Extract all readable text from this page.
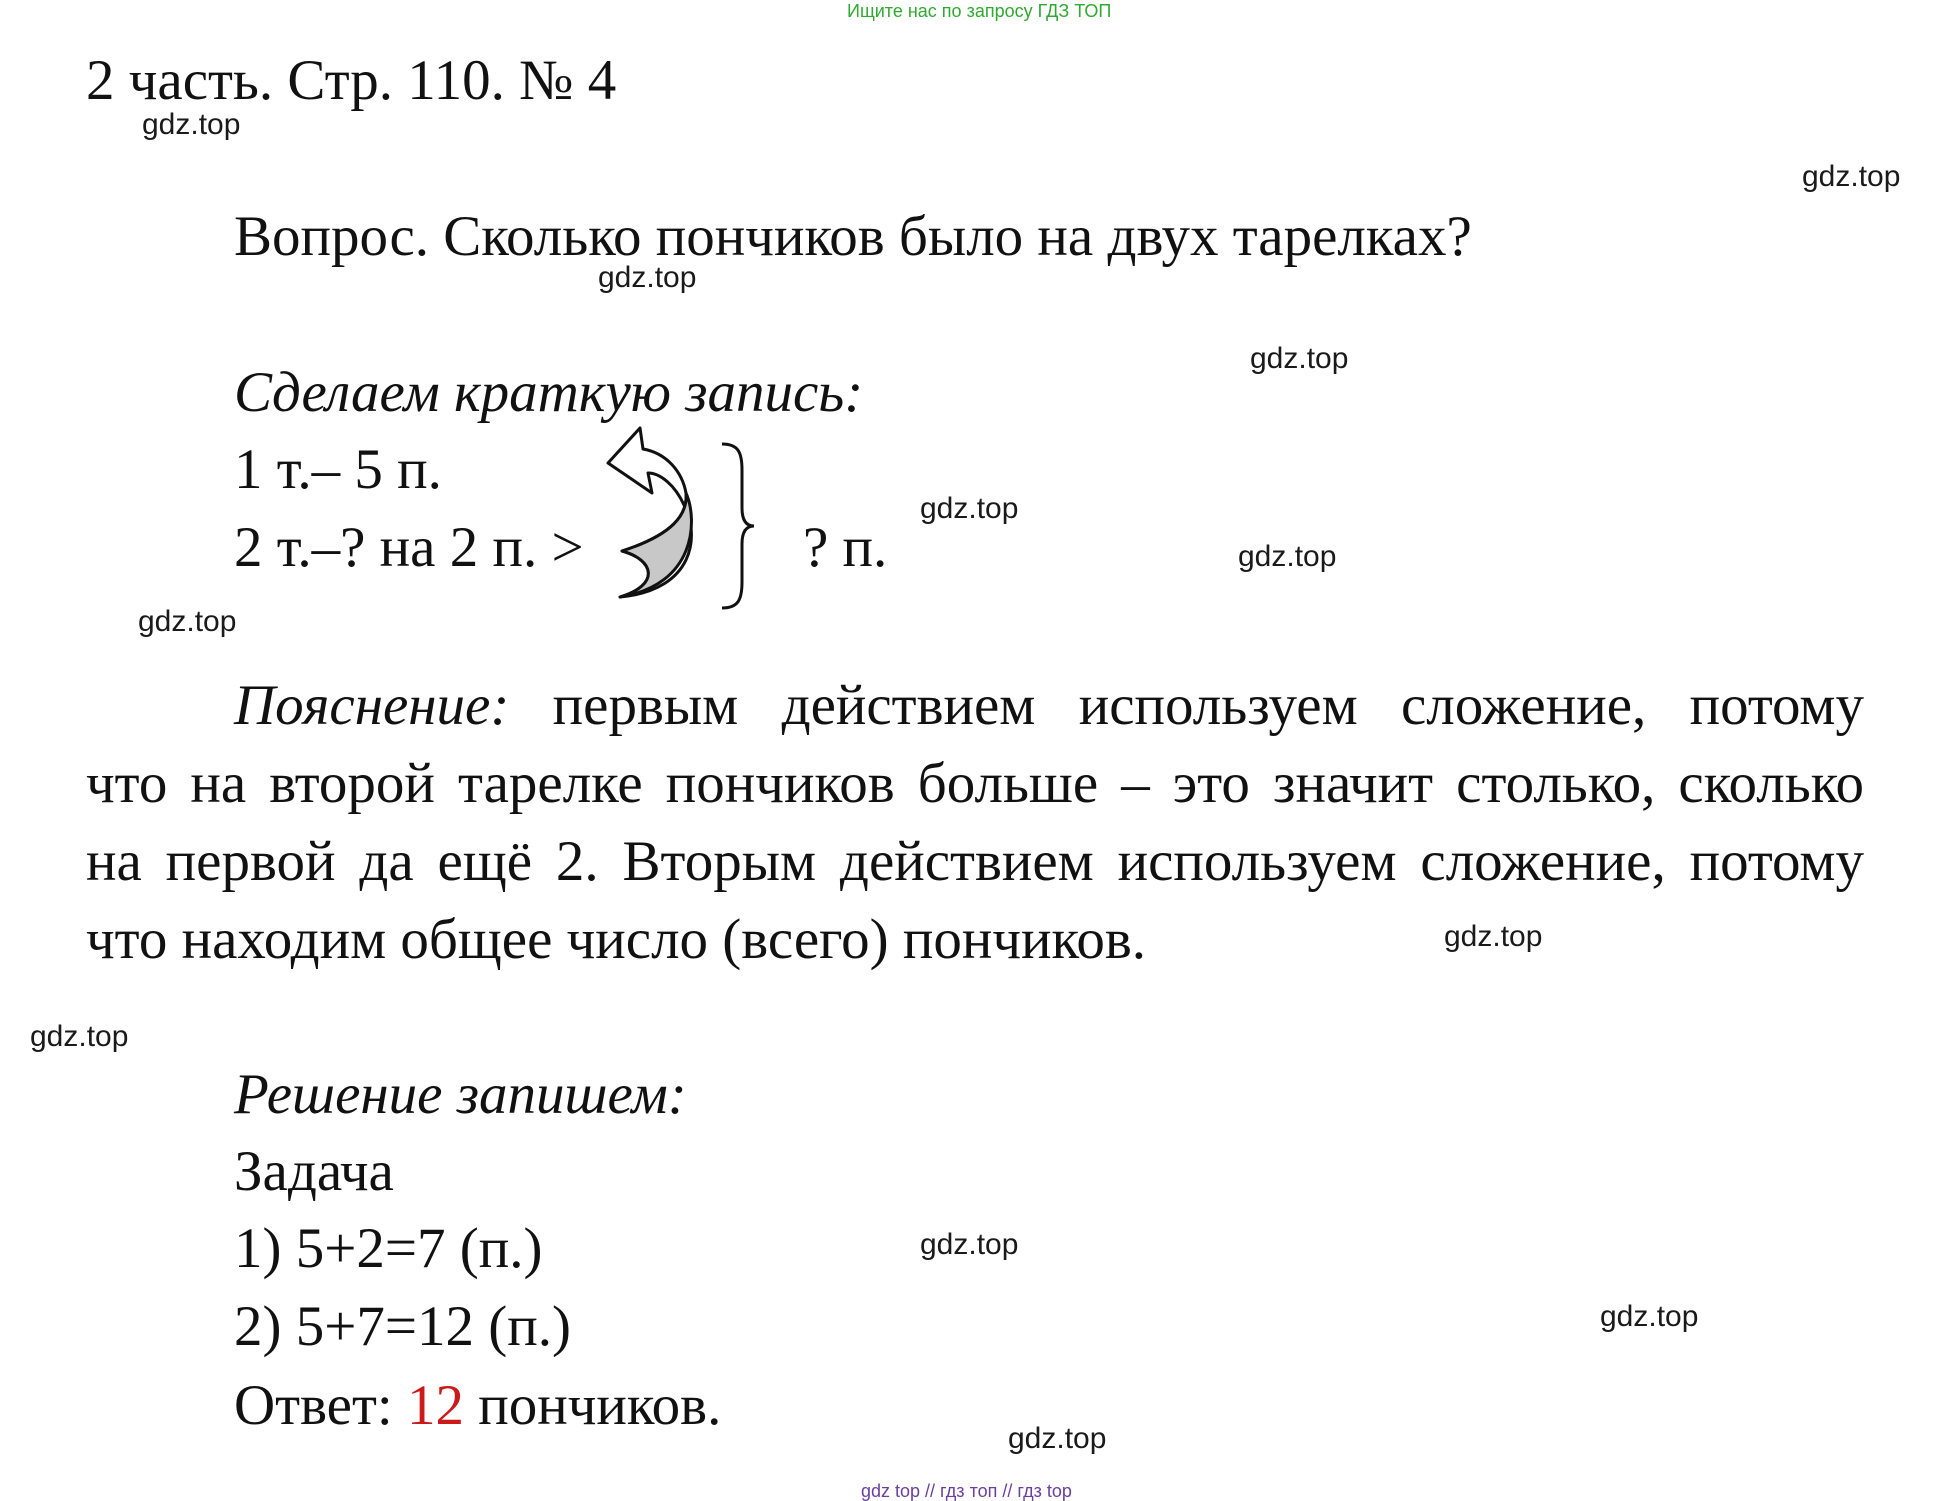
Ищите нас по запросу ГДЗ ТОП
2 часть. Стр. 110. № 4
Вопрос. Сколько пончиков было на двух тарелках?
Сделаем краткую запись:
1 т.– 5 п.
2 т.–? на 2 п. >	? п.
Пояснение: первым действием используем сложение, потому
что на второй тарелке пончиков больше – это значит столько, сколько
на первой да ещё 2. Вторым действием используем сложение, потому
что находим общее число (всего) пончиков.
Решение запишем:
Задача
1) 5+2=7 (п.)
2) 5+7=12 (п.)
Ответ: 12 пончиков.
gdz.top
gdz.top
gdz.top
gdz.top
gdz.top
gdz.top
gdz.top
gdz.top
gdz.top
gdz.top
gdz.top
gdz.top
gdz top // гдз топ // гдз top
